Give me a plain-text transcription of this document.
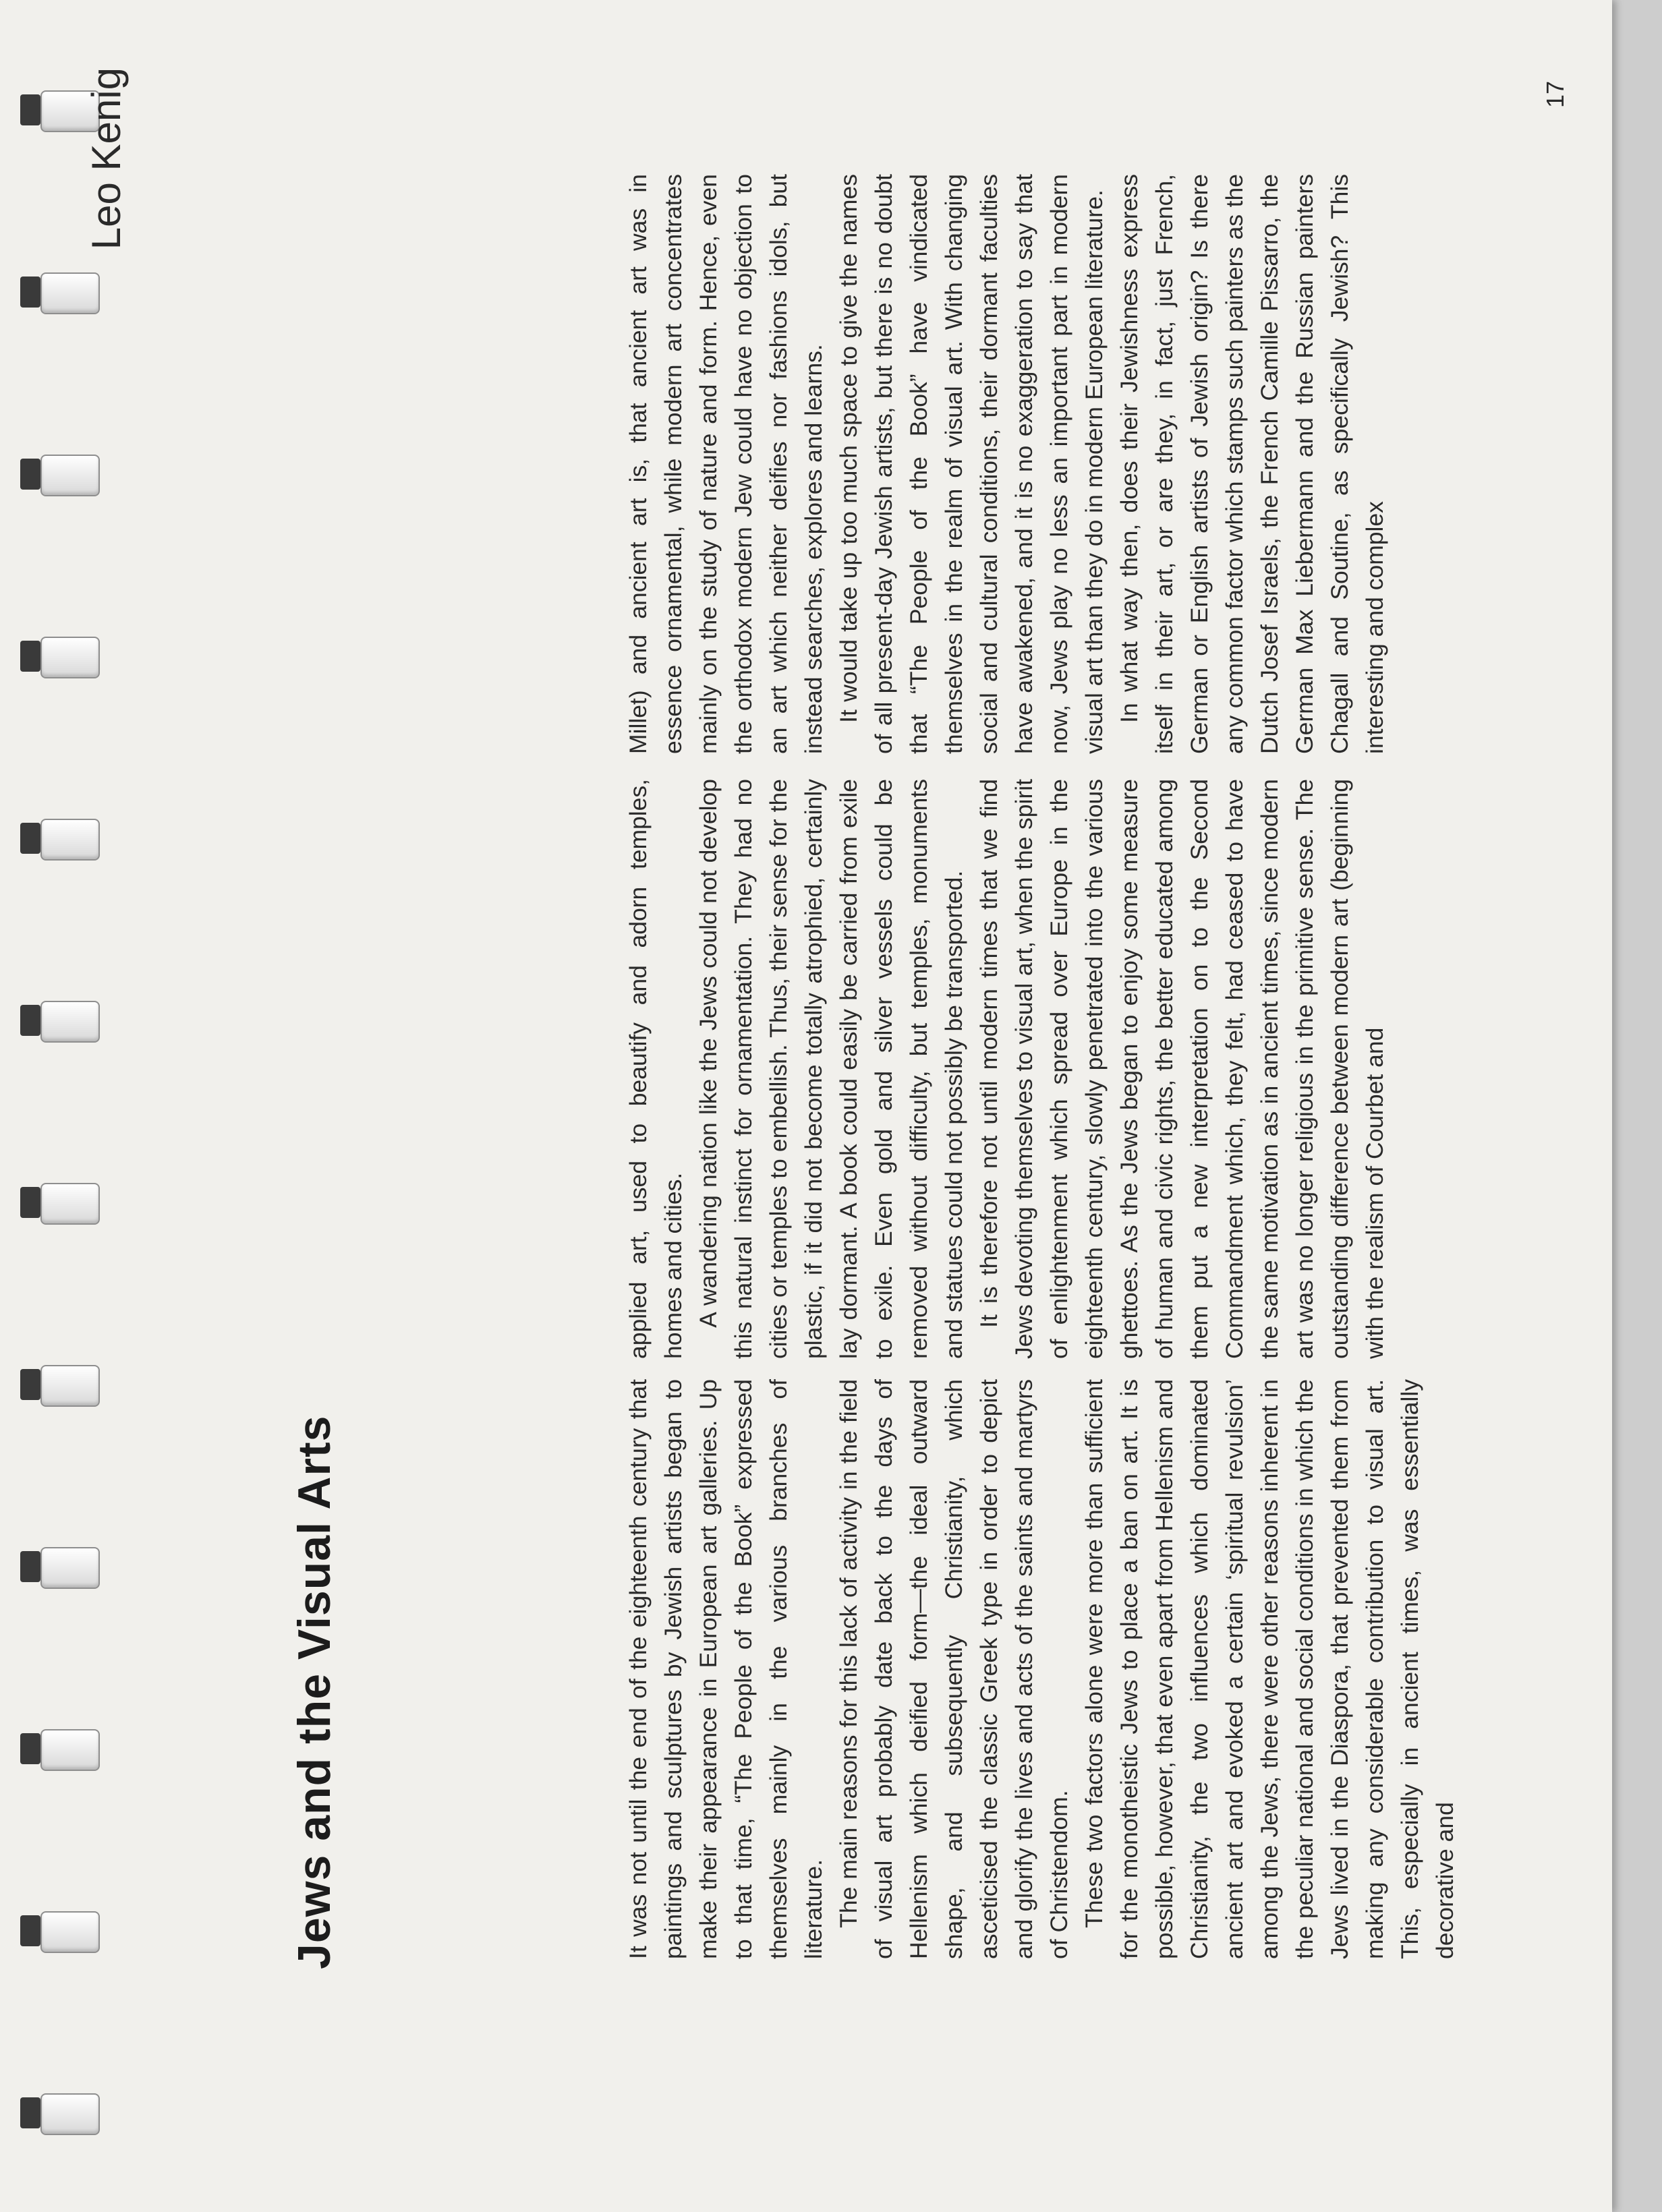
Jews and the Visual Arts
Leo Kenig

It was not until the end of the eighteenth century that paintings and sculptures by Jewish artists began to make their appearance in European art galleries. Up to that time, “The People of the Book” expressed themselves mainly in the various branches of literature. The main reasons for this lack of activity in the field of visual art probably date back to the days of Hellenism which deified form—the ideal outward shape, and subsequently Christianity, which asceticised the classic Greek type in order to depict and glorify the lives and acts of the saints and martyrs of Christendom. These two factors alone were more than sufficient for the monotheistic Jews to place a ban on art. It is possible, however, that even apart from Hellenism and Christianity, the two influences which dominated ancient art and evoked a certain ‘spiritual revulsion’ among the Jews, there were other reasons inherent in the peculiar national and social conditions in which the Jews lived in the Diaspora, that prevented them from making any considerable contribution to visual art. This, especially in ancient times, was essentially decorative and

applied art, used to beautify and adorn temples, homes and cities. A wandering nation like the Jews could not develop this natural instinct for ornamentation. They had no cities or temples to embellish. Thus, their sense for the plastic, if it did not become totally atrophied, certainly lay dormant. A book could easily be carried from exile to exile. Even gold and silver vessels could be removed without difficulty, but temples, monuments and statues could not possibly be transported. It is therefore not until modern times that we find Jews devoting themselves to visual art, when the spirit of enlightenment which spread over Europe in the eighteenth century, slowly penetrated into the various ghettoes. As the Jews began to enjoy some measure of human and civic rights, the better educated among them put a new interpretation on to the Second Commandment which, they felt, had ceased to have the same motivation as in ancient times, since modern art was no longer religious in the primitive sense. The outstanding difference between modern art (beginning with the realism of Courbet and

Millet) and ancient art is, that ancient art was in essence ornamental, while modern art concentrates mainly on the study of nature and form. Hence, even the orthodox modern Jew could have no objection to an art which neither deifies nor fashions idols, but instead searches, explores and learns. It would take up too much space to give the names of all present-day Jewish artists, but there is no doubt that “The People of the Book” have vindicated themselves in the realm of visual art. With changing social and cultural conditions, their dormant faculties have awakened, and it is no exaggeration to say that now, Jews play no less an important part in modern visual art than they do in modern European literature. In what way then, does their Jewishness express itself in their art, or are they, in fact, just French, German or English artists of Jewish origin? Is there any common factor which stamps such painters as the Dutch Josef Israels, the French Camille Pissarro, the German Max Liebermann and the Russian painters Chagall and Soutine, as specifically Jewish? This interesting and complex

17
